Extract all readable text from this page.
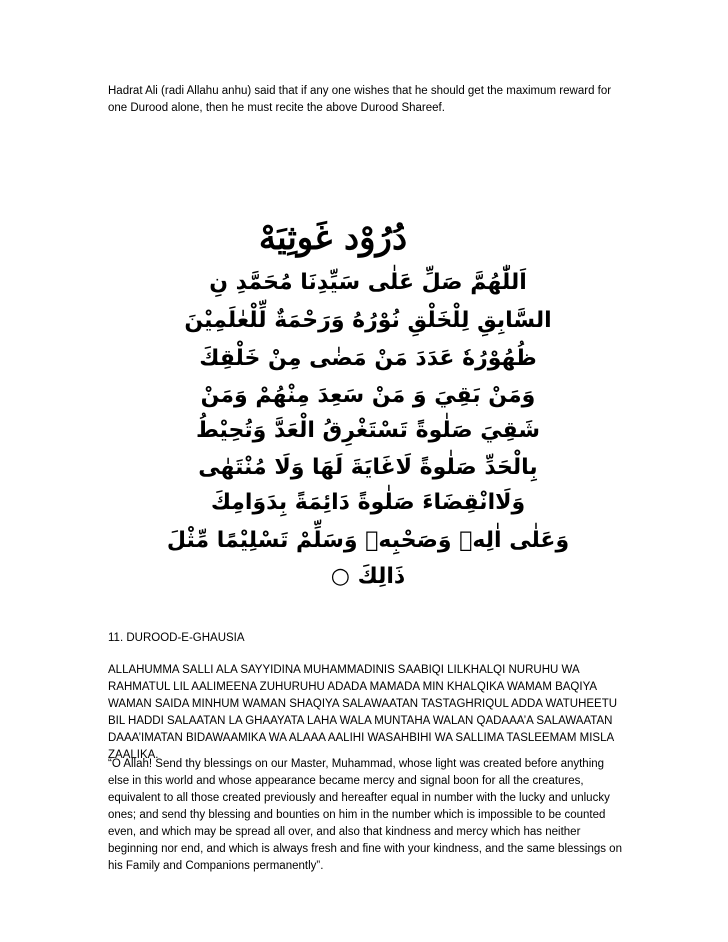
Hadrat Ali (radi Allahu anhu) said that if any one wishes that he should get the maximum reward for one Durood alone, then he must recite the above Durood Shareef.

دُرُوْد غَوثِيَهْ
اَللّٰهُمَّ صَلِّ عَلٰى سَيِّدِنَا مُحَمَّدِ نِ
السَّابِقِ لِلْخَلْقِ نُوْرُهُ وَرَحْمَةٌ لِّلْعٰلَمِيْنَ
ظُهُوْرُهٗ عَدَدَ مَنْ مَضٰى مِنْ خَلْقِكَ
وَمَنْ بَقِيَ وَ مَنْ سَعِدَ مِنْهُمْ وَمَنْ
شَقِيَ صَلٰوةً تَسْتَغْرِقُ الْعَدَّ وَتُحِيْطُ
بِالْحَدِّ صَلٰوةً لَاغَايَةَ لَهَا وَلَا مُنْتَهٰى
وَلَاانْقِضَاءَ صَلٰوةً دَائِمَةً بِدَوَامِكَ
وَعَلٰى اٰلِهٖ وَصَحْبِهٖ وَسَلِّمْ تَسْلِيْمًا مِّثْلَ
ذَالِكَ ○

11. DUROOD-E-GHAUSIA

ALLAHUMMA SALLI ALA SAYYIDINA MUHAMMADINIS SAABIQI LILKHALQI NURUHU WA RAHMATUL LIL AALIMEENA ZUHURUHU ADADA MAMADA MIN KHALQIKA WAMAM BAQIYA WAMAN SAIDA MINHUM WAMAN SHAQIYA SALAWAATAN TASTAGHRIQUL ADDA WATUHEETU BIL HADDI SALAATAN LA GHAAYATA LAHA WALA MUNTAHA WALAN QADAAA’A SALAWAATAN DAAA’IMATAN BIDAWAAMIKA WA ALAAA AALIHI WASAHBIHI WA SALLIMA TASLEEMAM MISLA ZAALIKA.

“O Allah! Send thy blessings on our Master, Muhammad, whose light was created before anything else in this world and whose appearance became mercy and signal boon for all the creatures, equivalent to all those created previously and hereafter equal in number with the lucky and unlucky ones; and send thy blessing and bounties on him in the number which is impossible to be counted even, and which may be spread all over, and also that kindness and mercy which has neither beginning nor end, and which is always fresh and fine with your kindness, and the same blessings on his Family and Companions permanently”.
